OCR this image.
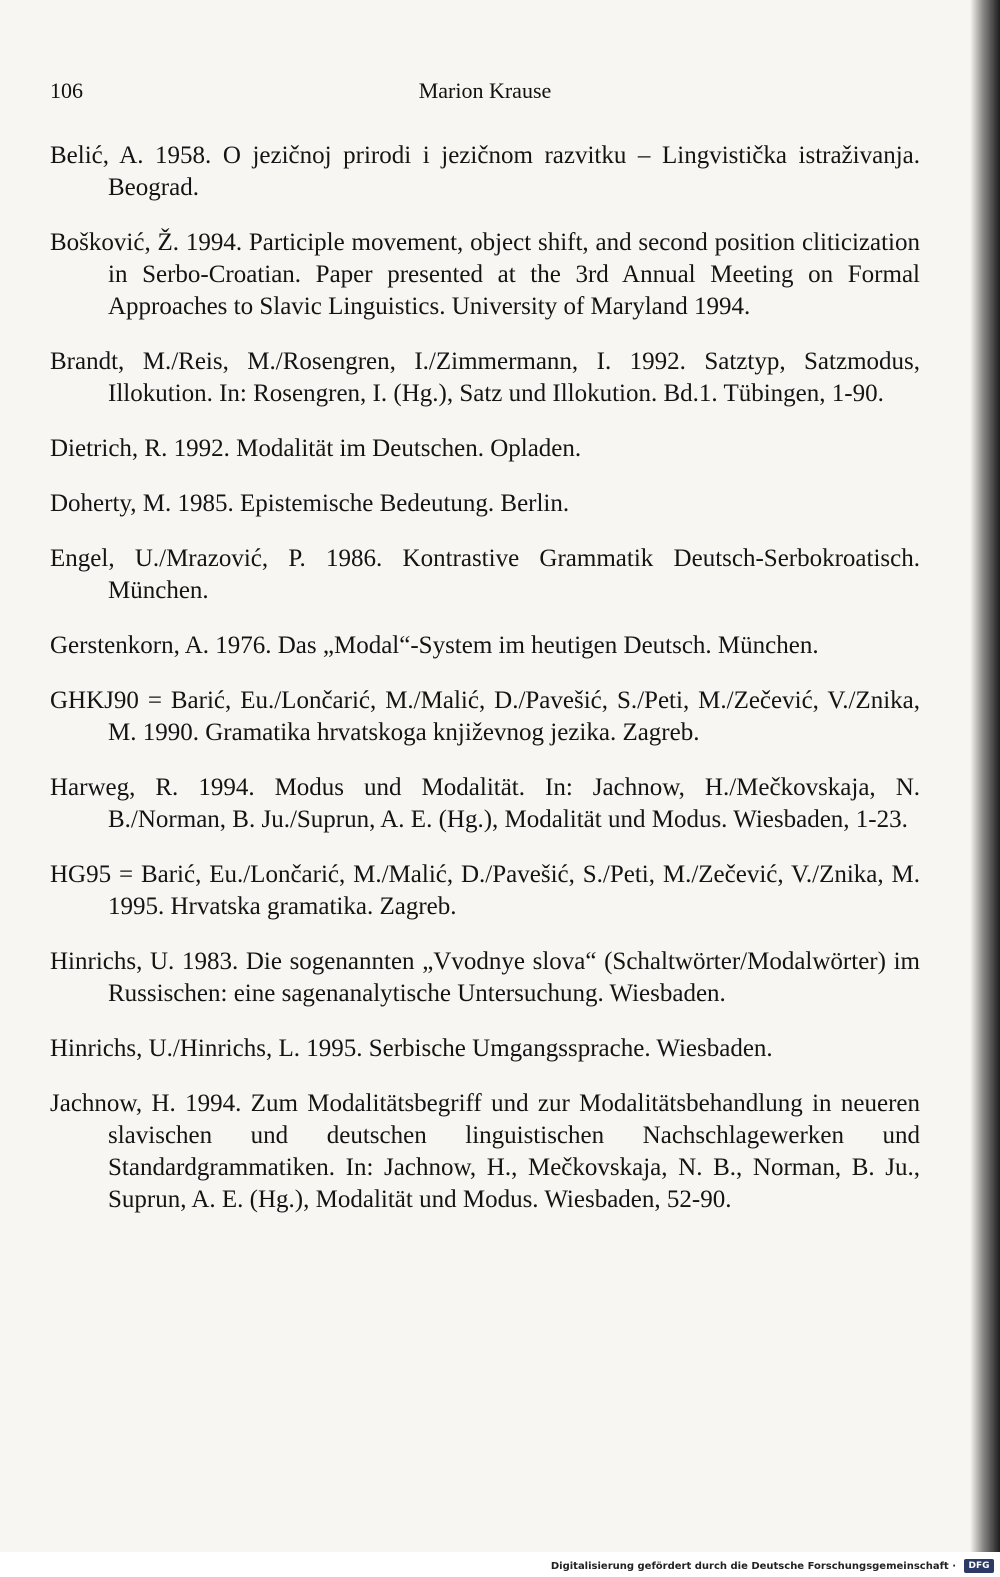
106	Marion Krause
Belić, A. 1958. O jezičnoj prirodi i jezičnom razvitku – Lingvistička istraživanja. Beograd.
Bošković, Ž. 1994. Participle movement, object shift, and second position cliticization in Serbo-Croatian. Paper presented at the 3rd Annual Meeting on Formal Approaches to Slavic Linguistics. University of Maryland 1994.
Brandt, M./Reis, M./Rosengren, I./Zimmermann, I. 1992. Satztyp, Satzmodus, Illokution. In: Rosengren, I. (Hg.), Satz und Illokution. Bd.1. Tübingen, 1-90.
Dietrich, R. 1992. Modalität im Deutschen. Opladen.
Doherty, M. 1985. Epistemische Bedeutung. Berlin.
Engel, U./Mrazović, P. 1986. Kontrastive Grammatik Deutsch-Serbokroatisch. München.
Gerstenkorn, A. 1976. Das „Modal“-System im heutigen Deutsch. München.
GHKJ90 = Barić, Eu./Lončarić, M./Malić, D./Pavešić, S./Peti, M./Zečević, V./Znika, M. 1990. Gramatika hrvatskoga književnog jezika. Zagreb.
Harweg, R. 1994. Modus und Modalität. In: Jachnow, H./Mečkovskaja, N. B./Norman, B. Ju./Suprun, A. E. (Hg.), Modalität und Modus. Wiesbaden, 1-23.
HG95 = Barić, Eu./Lončarić, M./Malić, D./Pavešić, S./Peti, M./Zečević, V./Znika, M. 1995. Hrvatska gramatika. Zagreb.
Hinrichs, U. 1983. Die sogenannten „Vvodnye slova“ (Schaltwörter/Modalwörter) im Russischen: eine sagenanalytische Untersuchung. Wiesbaden.
Hinrichs, U./Hinrichs, L. 1995. Serbische Umgangssprache. Wiesbaden.
Jachnow, H. 1994. Zum Modalitätsbegriff und zur Modalitätsbehandlung in neueren slavischen und deutschen linguistischen Nachschlagewerken und Standardgrammatiken. In: Jachnow, H., Mečkovskaja, N. B., Norman, B. Ju., Suprun, A. E. (Hg.), Modalität und Modus. Wiesbaden, 52-90.
Digitalisierung gefördert durch die Deutsche Forschungsgemeinschaft ·	DFG
